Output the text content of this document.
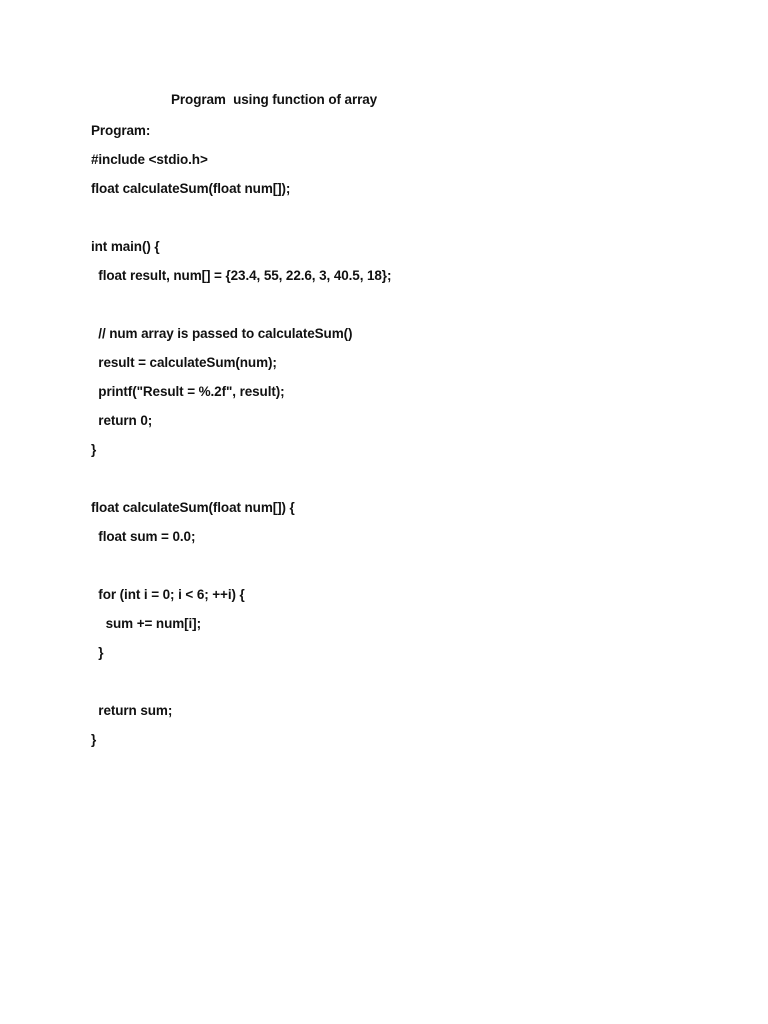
Program  using function of array
Program:
#include <stdio.h>
float calculateSum(float num[]);
int main() {
float result, num[] = {23.4, 55, 22.6, 3, 40.5, 18};
// num array is passed to calculateSum()
result = calculateSum(num);
printf("Result = %.2f", result);
return 0;
}
float calculateSum(float num[]) {
float sum = 0.0;
for (int i = 0; i < 6; ++i) {
sum += num[i];
}
return sum;
}
